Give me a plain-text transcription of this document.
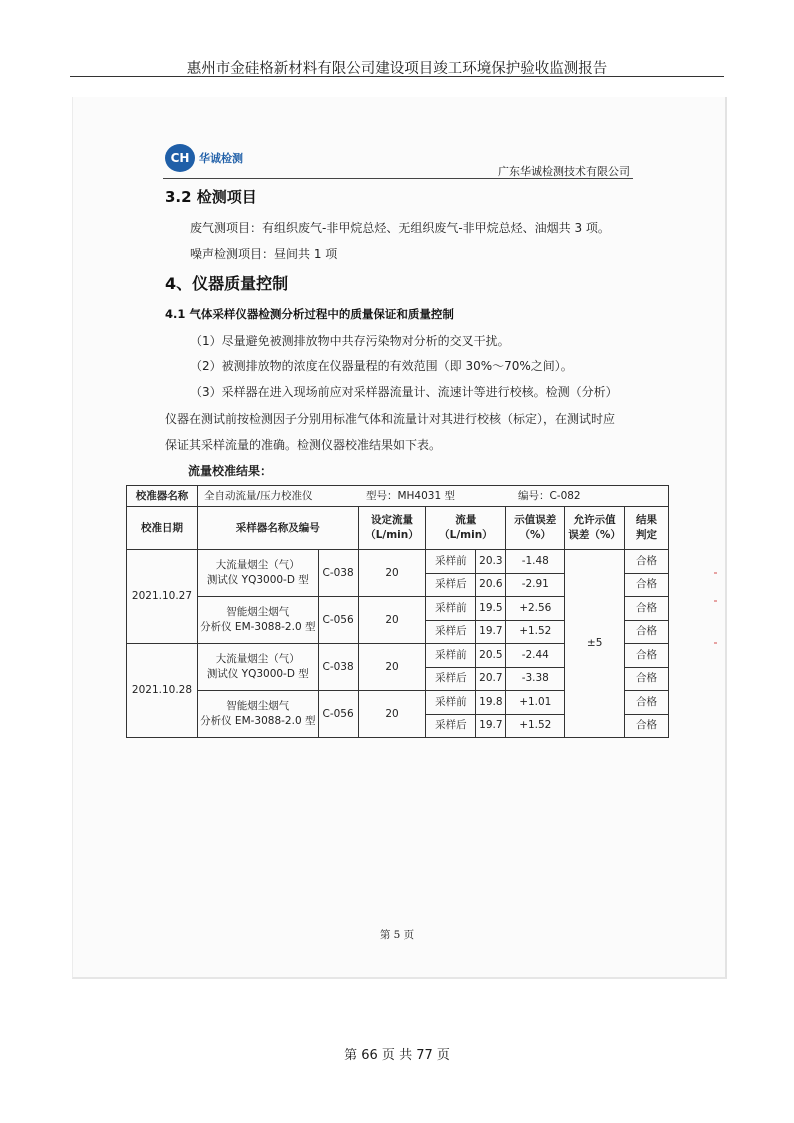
惠州市金硅格新材料有限公司建设项目竣工环境保护验收监测报告
CH 华诚检测
广东华诚检测技术有限公司
3.2 检测项目
废气测项目：有组织废气-非甲烷总烃、无组织废气-非甲烷总烃、油烟共 3 项。
噪声检测项目：昼间共 1 项
4、仪器质量控制
4.1 气体采样仪器检测分析过程中的质量保证和质量控制
（1）尽量避免被测排放物中共存污染物对分析的交叉干扰。
（2）被测排放物的浓度在仪器量程的有效范围（即 30%～70%之间）。
（3）采样器在进入现场前应对采样器流量计、流速计等进行校核。检测（分析）
仪器在测试前按检测因子分别用标准气体和流量计对其进行校核（标定），在测试时应
保证其采样流量的准确。检测仪器校准结果如下表。
流量校准结果：
校准器名称	全自动流量/压力校准仪 型号：MH4031 型 编号：C-082							
校准日期	采样器名称及编号		设定流量
（L/min）	流量
（L/min）		示值误差
（%）	允许示值
误差（%）	结果
判定
2021.10.27	大流量烟尘（气）
测试仪 YQ3000-D 型	C-038	20	采样前	20.3	-1.48	±5	合格
				采样后	20.6	-2.91		合格
	智能烟尘烟气
分析仪 EM-3088-2.0 型	C-056	20	采样前	19.5	+2.56		合格
				采样后	19.7	+1.52		合格
2021.10.28	大流量烟尘（气）
测试仪 YQ3000-D 型	C-038	20	采样前	20.5	-2.44		合格
				采样后	20.7	-3.38		合格
	智能烟尘烟气
分析仪 EM-3088-2.0 型	C-056	20	采样前	19.8	+1.01		合格
				采样后	19.7	+1.52		合格
第 5 页
第 66 页 共 77 页
